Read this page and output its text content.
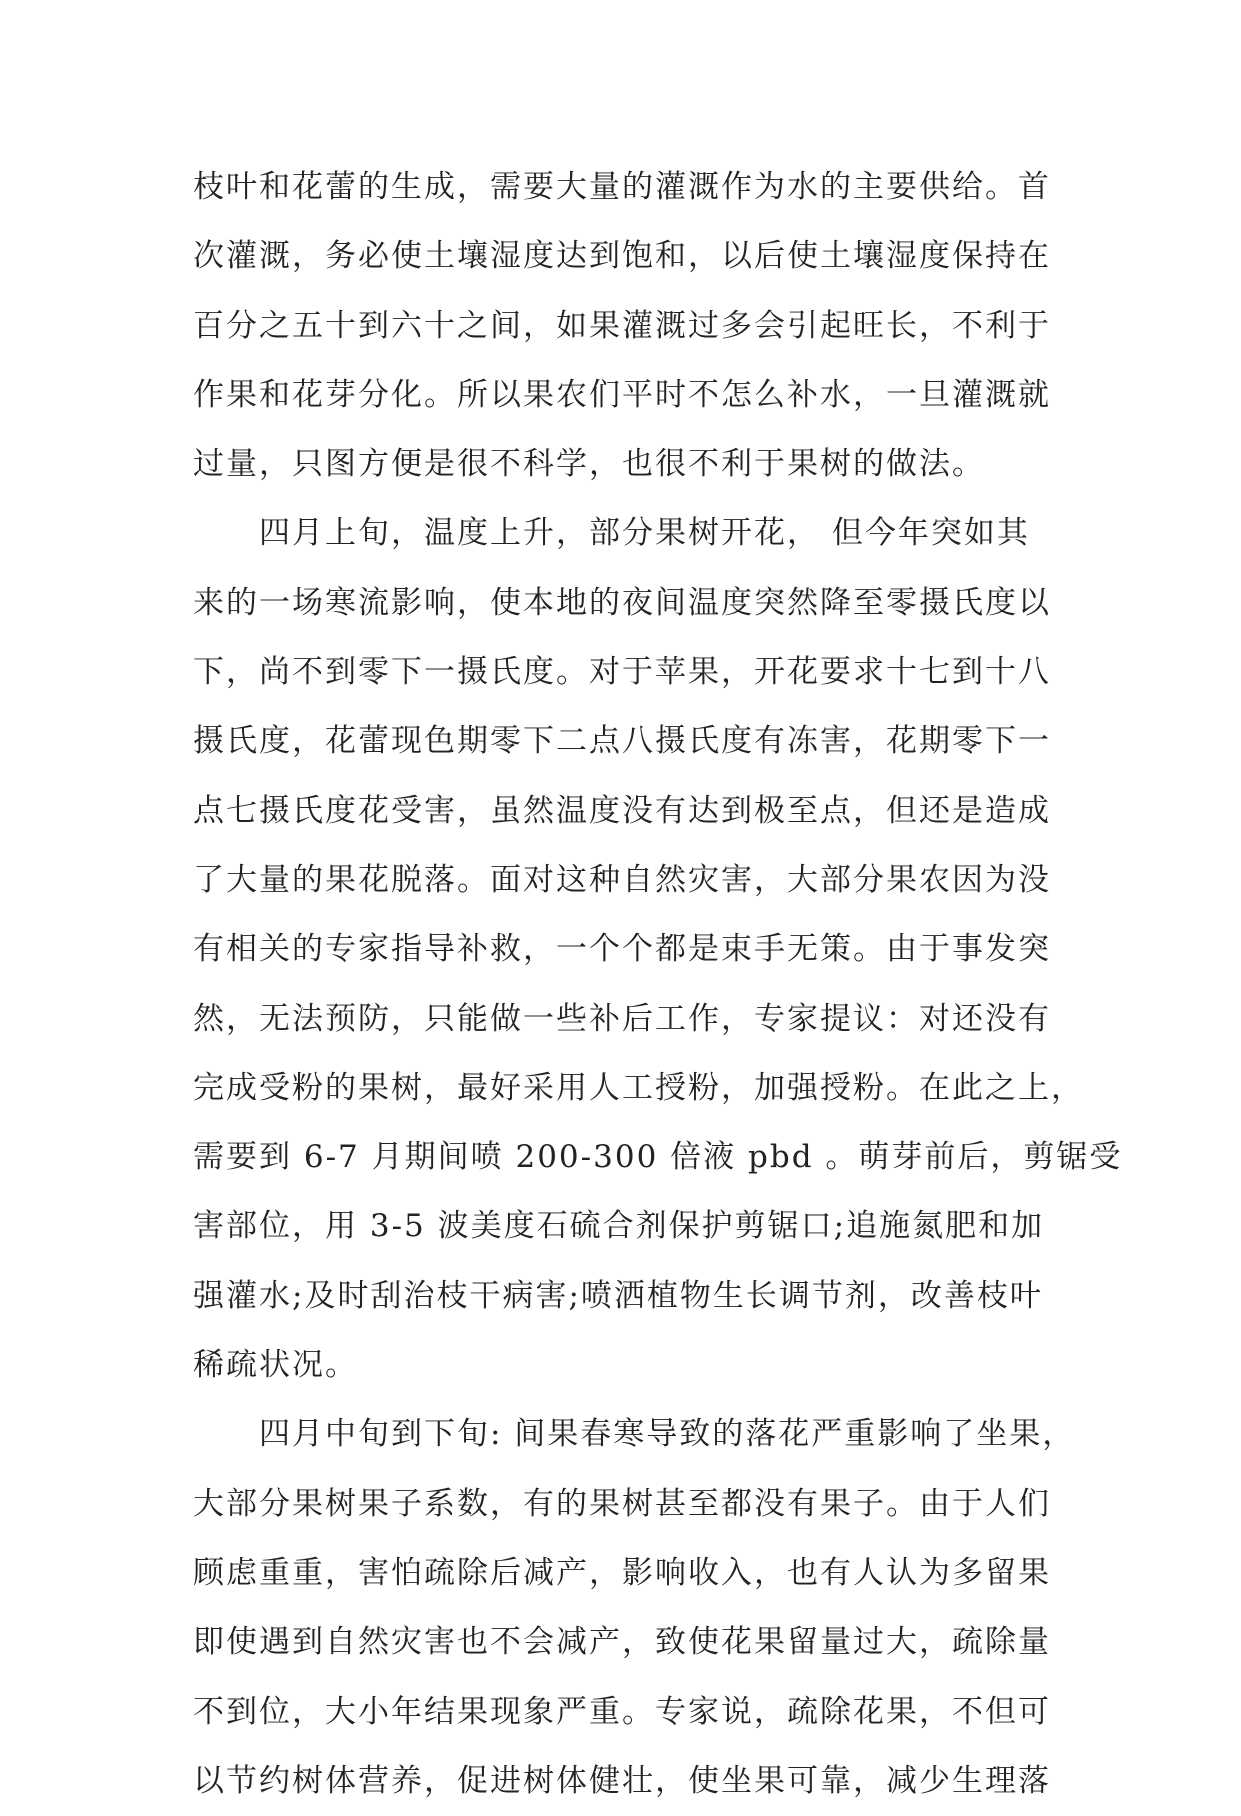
枝叶和花蕾的生成，需要大量的灌溉作为水的主要供给。首
次灌溉，务必使土壤湿度达到饱和，以后使土壤湿度保持在
百分之五十到六十之间，如果灌溉过多会引起旺长，不利于
作果和花芽分化。所以果农们平时不怎么补水，一旦灌溉就
过量，只图方便是很不科学，也很不利于果树的做法。

四月上旬，温度上升，部分果树开花， 但今年突如其
来的一场寒流影响，使本地的夜间温度突然降至零摄氏度以
下，尚不到零下一摄氏度。对于苹果，开花要求十七到十八
摄氏度，花蕾现色期零下二点八摄氏度有冻害，花期零下一
点七摄氏度花受害，虽然温度没有达到极至点，但还是造成
了大量的果花脱落。面对这种自然灾害，大部分果农因为没
有相关的专家指导补救，一个个都是束手无策。由于事发突
然，无法预防，只能做一些补后工作，专家提议：对还没有
完成受粉的果树，最好采用人工授粉，加强授粉。在此之上，
需要到 6-7 月期间喷 200-300 倍液 pbd 。萌芽前后，剪锯受
害部位，用 3-5 波美度石硫合剂保护剪锯口;追施氮肥和加
强灌水;及时刮治枝干病害;喷洒植物生长调节剂，改善枝叶
稀疏状况。

四月中旬到下旬: 间果春寒导致的落花严重影响了坐果，
大部分果树果子系数，有的果树甚至都没有果子。由于人们
顾虑重重，害怕疏除后减产，影响收入，也有人认为多留果
即使遇到自然灾害也不会减产，致使花果留量过大，疏除量
不到位，大小年结果现象严重。专家说，疏除花果，不但可
以节约树体营养，促进树体健壮，使坐果可靠，减少生理落
